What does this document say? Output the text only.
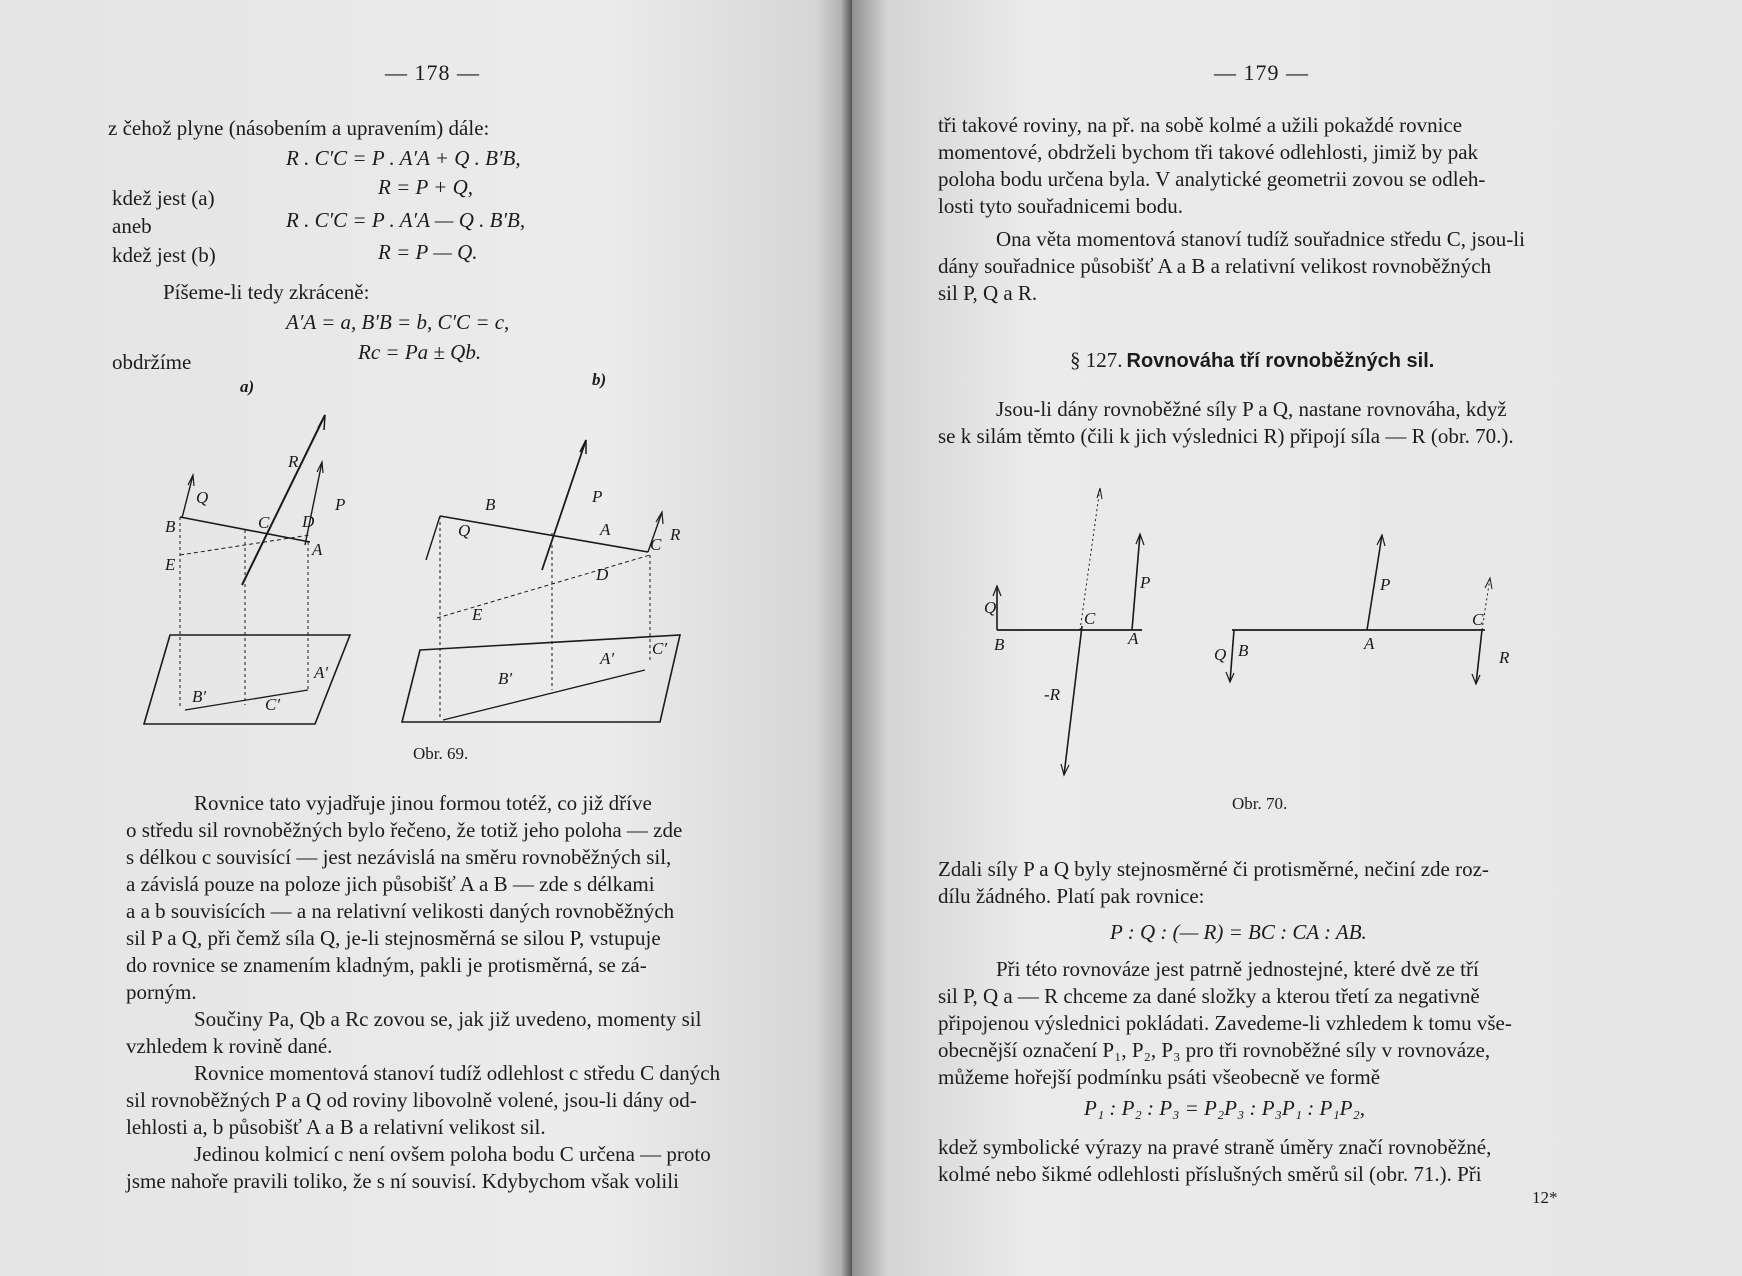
— 178 —
z čehož plyne (násobením a upravením) dále:
R . C′C = P . A′A + Q . B′B,
kdež jest (a)	R = P + Q,
aneb	R . C′C = P . A′A — Q . B′B,
kdež jest (b)	R = P — Q.
Píšeme-li tedy zkráceně:
A′A = a, B′B = b, C′C = c,
obdržíme	Rc = Pa ± Qb.
a)	b)
Q
R
P
B	C D
A
E
B′	C′
A′
B	P
Q	A
C
R
D
E
A′
C′
B′
Obr. 69.
Rovnice tato vyjadřuje jinou formou totéž, co již dříve
o středu sil rovnoběžných bylo řečeno, že totiž jeho poloha — zde
s délkou c souvisící — jest nezávislá na směru rovnoběžných sil,
a závislá pouze na poloze jich působišť A a B — zde s délkami
a a b souvisících — a na relativní velikosti daných rovnoběžných
sil P a Q, při čemž síla Q, je-li stejnosměrná se silou P, vstupuje
do rovnice se znamením kladným, pakli je protisměrná, se zá-
porným.
Součiny Pa, Qb a Rc zovou se, jak již uvedeno, momenty sil
vzhledem k rovině dané.
Rovnice momentová stanoví tudíž odlehlost c středu C daných
sil rovnoběžných P a Q od roviny libovolně volené, jsou-li dány od-
lehlosti a, b působišť A a B a relativní velikost sil.
Jedinou kolmicí c není ovšem poloha bodu C určena — proto
jsme nahoře pravili toliko, že s ní souvisí. Kdybychom však volili
— 179 —
tři takové roviny, na př. na sobě kolmé a užili pokaždé rovnice
momentové, obdrželi bychom tři takové odlehlosti, jimiž by pak
poloha bodu určena byla. V analytické geometrii zovou se odleh-
losti tyto souřadnicemi bodu.
Ona věta momentová stanoví tudíž souřadnice středu C, jsou-li
dány souřadnice působišť A a B a relativní velikost rovnoběžných
sil P, Q a R.
§ 127. Rovnováha tří rovnoběžných sil.
Jsou-li dány rovnoběžné síly P a Q, nastane rovnováha, když
se k silám těmto (čili k jich výslednici R) připojí síla — R (obr. 70.).
Q
B
C
P
A
-R
Q B
P
A
C
R
Obr. 70.
Zdali síly P a Q byly stejnosměrné či protisměrné, nečiní zde roz-
dílu žádného. Platí pak rovnice:
P : Q : (— R) = BC : CA : AB.
Při této rovnováze jest patrně jednostejné, které dvě ze tří
sil P, Q a — R chceme za dané složky a kterou třetí za negativně
připojenou výslednici pokládati. Zavedeme-li vzhledem k tomu vše-
obecnější označení P₁, P₂, P₃ pro tři rovnoběžné síly v rovnováze,
můžeme hořejší podmínku psáti všeobecně ve formě
P₁ : P₂ : P₃ = P₂P₃ : P₃P₁ : P₁P₂,
kdež symbolické výrazy na pravé straně úměry značí rovnoběžné,
kolmé nebo šikmé odlehlosti příslušných směrů sil (obr. 71.). Při
12*
